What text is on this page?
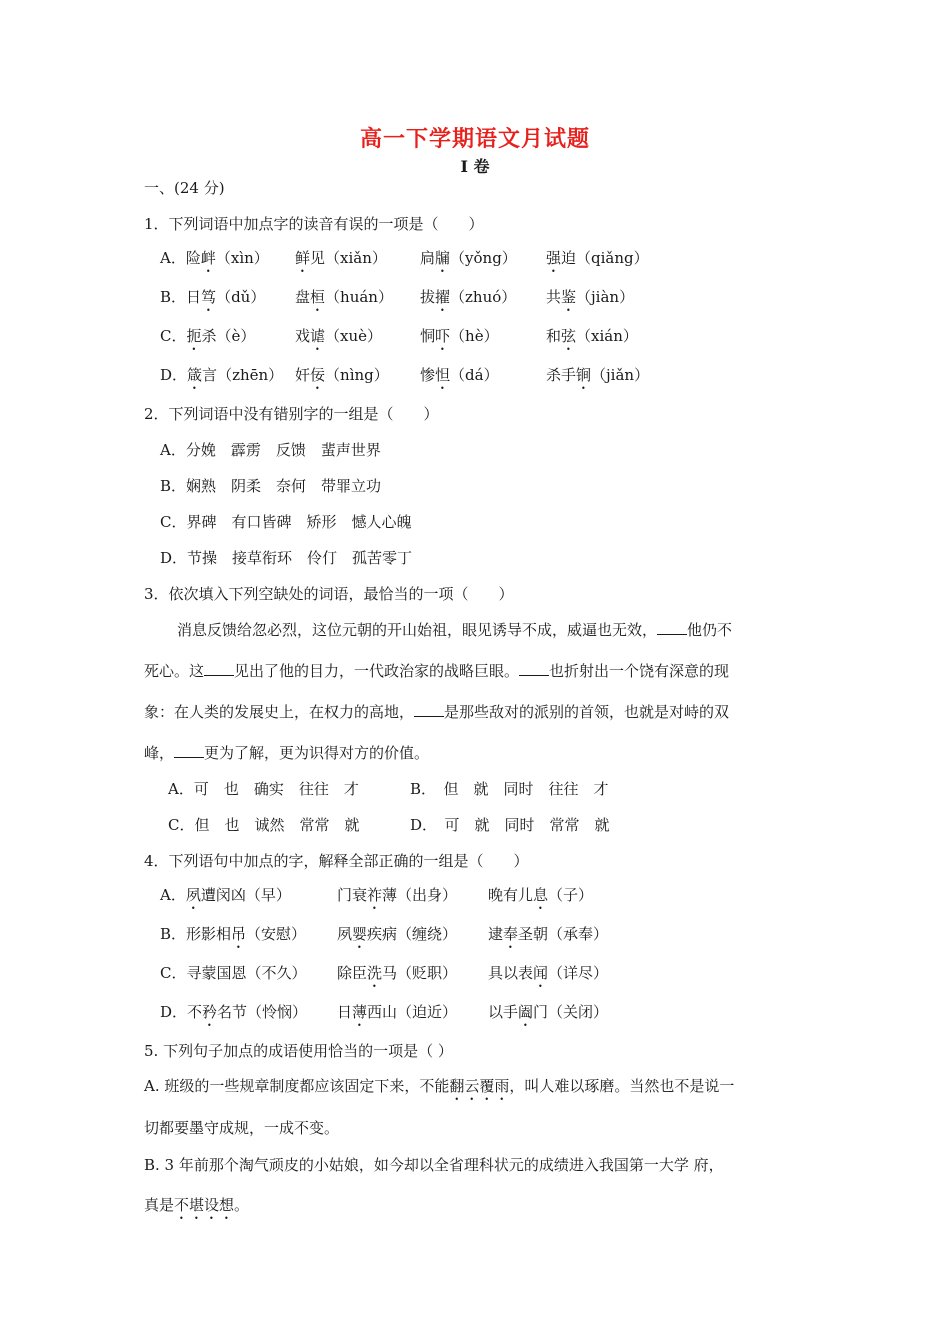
高一下学期语文月试题
I 卷
一、(24 分)
1．下列词语中加点字的读音有误的一项是（　　）
A．险衅（xìn） 鲜见（xiǎn） 扃牖（yǒng） 强迫（qiǎng）
B．日笃（dǔ） 盘桓（huán） 拔擢（zhuó） 共鉴（jiàn）
C．扼杀（è）	戏谑（xuè）	恫吓（hè）	和弦（xián）
D．箴言（zhēn） 奸佞（nìng） 惨怛（dá）	杀手锏（jiǎn）
2．下列词语中没有错别字的一组是（　　）
A．分娩　霹雳　反馈　蜚声世界
B．娴熟　阴柔　奈何　带罪立功
C．界碑　有口皆碑　矫形　憾人心魄
D．节操　接草衔环　伶仃　孤苦零丁
3．依次填入下列空缺处的词语，最恰当的一项（　　）
消息反馈给忽必烈，这位元朝的开山始祖，眼见诱导不成，威逼也无效， 他仍不
死心。这 见出了他的目力，一代政治家的战略巨眼。 也折射出一个饶有深意的现
象：在人类的发展史上，在权力的高地， 是那些敌对的派别的首领，也就是对峙的双
峰， 更为了解，更为识得对方的价值。
A．可　也　确实　往往　才	B．　但　就　同时　往往　才
C．但　也　诚然　常常　就	D．　可　就　同时　常常　就
4．下列语句中加点的字，解释全部正确的一组是（　　）
A．夙遭闵凶（早）	门衰祚薄（出身） 晚有儿息（子）
B．形影相吊（安慰） 夙婴疾病（缠绕） 逮奉圣朝（承奉）
C．寻蒙国恩（不久） 除臣洗马（贬职） 具以表闻（详尽）
D．不矜名节（怜悯） 日薄西山（迫近） 以手阖门（关闭）
5. 下列句子加点的成语使用恰当的一项是（ ）
A. 班级的一些规章制度都应该固定下来，不能翻云覆雨，叫人难以琢磨。当然也不是说一
切都要墨守成规，一成不变。
B. 3 年前那个淘气顽皮的小姑娘，如今却以全省理科状元的成绩进入我国第一大学 府，
真是不堪设想。
